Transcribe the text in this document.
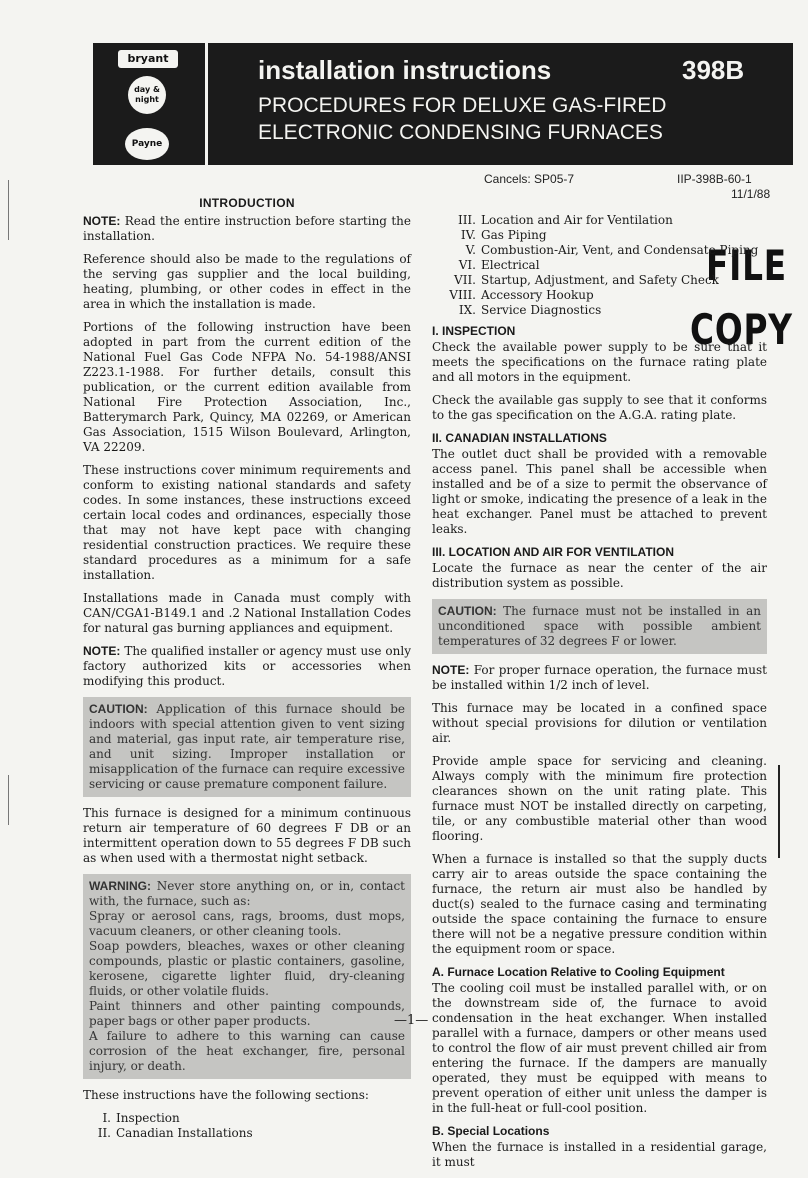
bryant
day & night
Payne
installation instructions	398B
PROCEDURES FOR DELUXE GAS-FIRED
ELECTRONIC CONDENSING FURNACES
Cancels: SP05-7	IIP-398B-60-1
11/1/88
FILE
COPY
INTRODUCTION

NOTE: Read the entire instruction before starting the installation.

Reference should also be made to the regulations of the serving gas supplier and the local building, heating, plumbing, or other codes in effect in the area in which the installation is made.

Portions of the following instruction have been adopted in part from the current edition of the National Fuel Gas Code NFPA No. 54-1988/ANSI Z223.1-1988. For further details, consult this publication, or the current edition available from National Fire Protection Association, Inc., Batterymarch Park, Quincy, MA 02269, or American Gas Association, 1515 Wilson Boulevard, Arlington, VA 22209.

These instructions cover minimum requirements and conform to existing national standards and safety codes. In some instances, these instructions exceed certain local codes and ordinances, especially those that may not have kept pace with changing residential construction practices. We require these standard procedures as a minimum for a safe installation.

Installations made in Canada must comply with CAN/CGA1-B149.1 and .2 National Installation Codes for natural gas burning appliances and equipment.

NOTE: The qualified installer or agency must use only factory authorized kits or accessories when modifying this product.

CAUTION: Application of this furnace should be indoors with special attention given to vent sizing and material, gas input rate, air temperature rise, and unit sizing. Improper installation or misapplication of the furnace can require excessive servicing or cause premature component failure.

This furnace is designed for a minimum continuous return air temperature of 60 degrees F DB or an intermittent operation down to 55 degrees F DB such as when used with a thermostat night setback.

WARNING: Never store anything on, or in, contact with, the furnace, such as:

Spray or aerosol cans, rags, brooms, dust mops, vacuum cleaners, or other cleaning tools.

Soap powders, bleaches, waxes or other cleaning compounds, plastic or plastic containers, gasoline, kerosene, cigarette lighter fluid, dry-cleaning fluids, or other volatile fluids.

Paint thinners and other painting compounds, paper bags or other paper products.

A failure to adhere to this warning can cause corrosion of the heat exchanger, fire, personal injury, or death.

These instructions have the following sections:

I. Inspection
II. Canadian Installations
III. Location and Air for Ventilation
IV. Gas Piping
V. Combustion-Air, Vent, and Condensate Piping
VI. Electrical
VII. Startup, Adjustment, and Safety Check
VIII. Accessory Hookup
IX. Service Diagnostics
I. INSPECTION

Check the available power supply to be sure that it meets the specifications on the furnace rating plate and all motors in the equipment.

Check the available gas supply to see that it conforms to the gas specification on the A.G.A. rating plate.

II. CANADIAN INSTALLATIONS

The outlet duct shall be provided with a removable access panel. This panel shall be accessible when installed and be of a size to permit the observance of light or smoke, indicating the presence of a leak in the heat exchanger. Panel must be attached to prevent leaks.

III. LOCATION AND AIR FOR VENTILATION

Locate the furnace as near the center of the air distribution system as possible.

CAUTION: The furnace must not be installed in an unconditioned space with possible ambient temperatures of 32 degrees F or lower.

NOTE: For proper furnace operation, the furnace must be installed within 1/2 inch of level.

This furnace may be located in a confined space without special provisions for dilution or ventilation air.

Provide ample space for servicing and cleaning. Always comply with the minimum fire protection clearances shown on the unit rating plate. This furnace must NOT be installed directly on carpeting, tile, or any combustible material other than wood flooring.

When a furnace is installed so that the supply ducts carry air to areas outside the space containing the furnace, the return air must also be handled by duct(s) sealed to the furnace casing and terminating outside the space containing the furnace to ensure there will not be a negative pressure condition within the equipment room or space.

A. Furnace Location Relative to Cooling Equipment

The cooling coil must be installed parallel with, or on the downstream side of, the furnace to avoid condensation in the heat exchanger. When installed parallel with a furnace, dampers or other means used to control the flow of air must prevent chilled air from entering the furnace. If the dampers are manually operated, they must be equipped with means to prevent operation of either unit unless the damper is in the full-heat or full-cool position.

B. Special Locations

When the furnace is installed in a residential garage, it must

—1—
